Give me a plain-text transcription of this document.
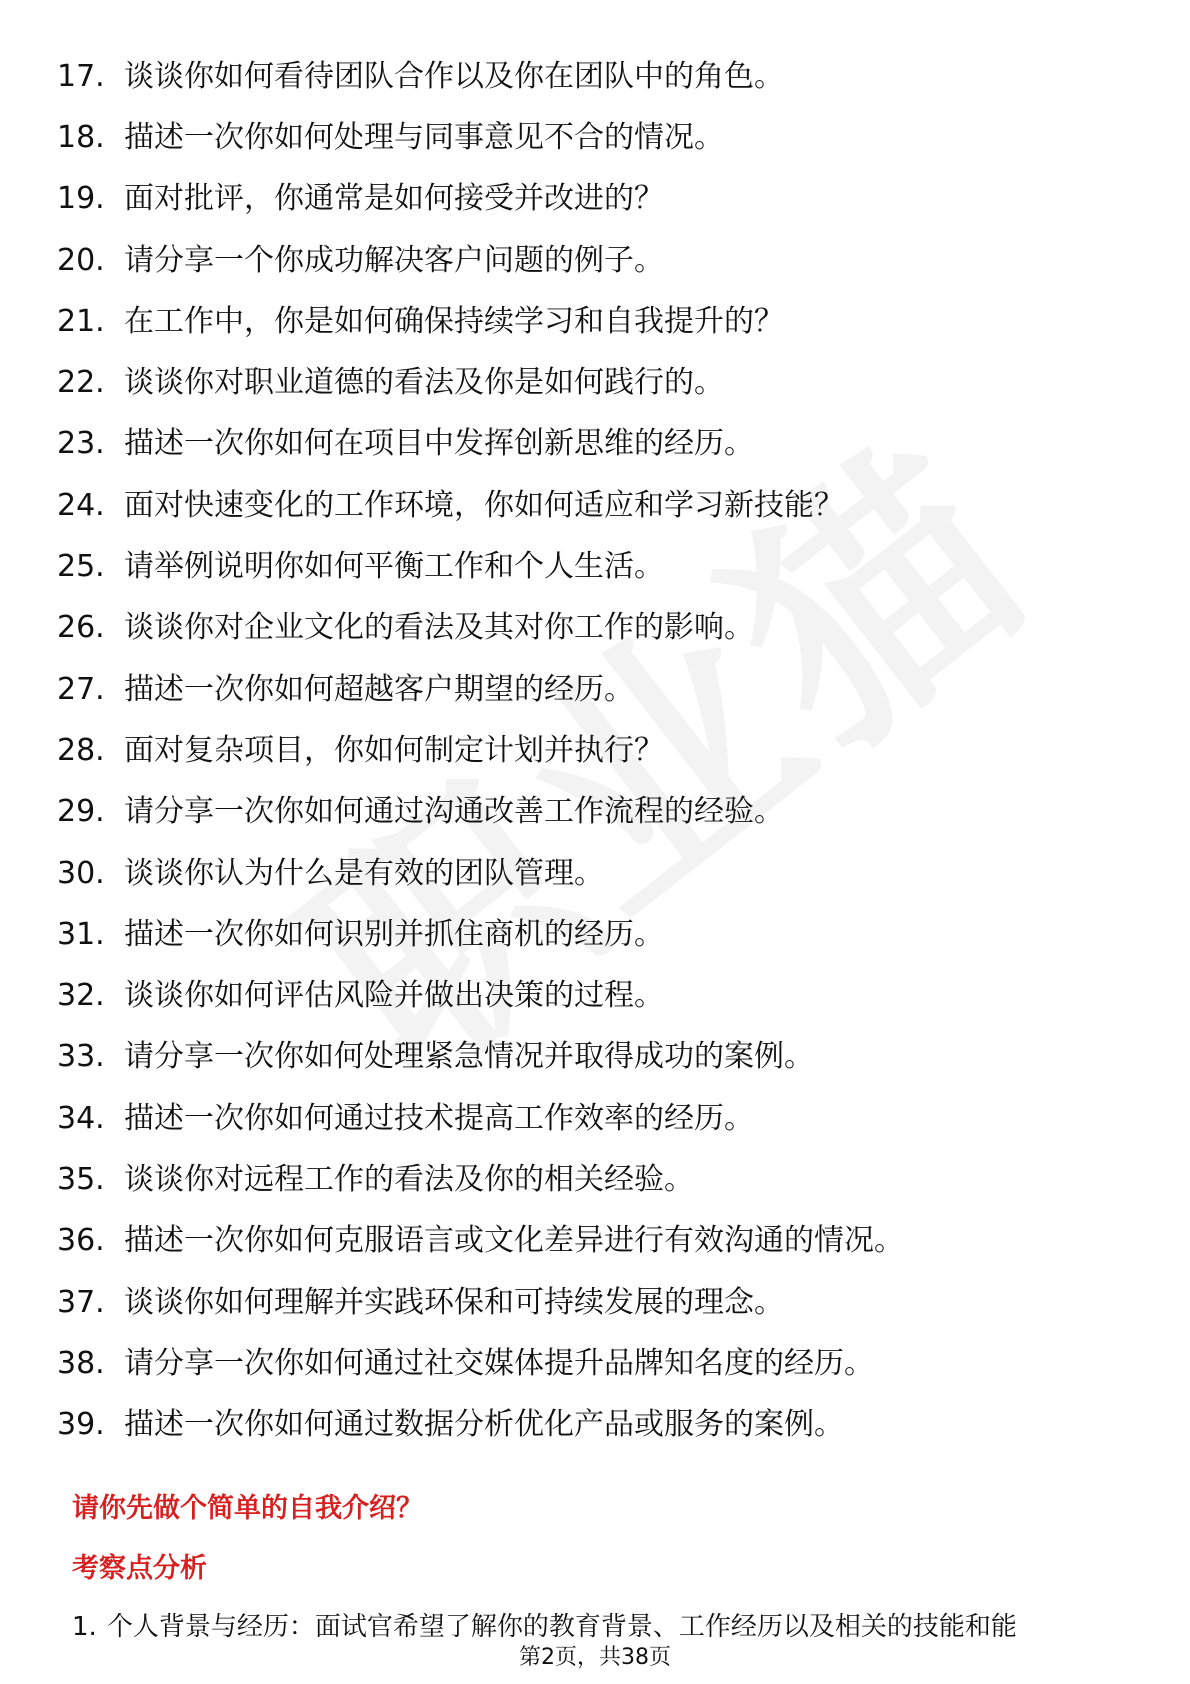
17. 谈谈你如何看待团队合作以及你在团队中的角色。
18. 描述一次你如何处理与同事意见不合的情况。
19. 面对批评，你通常是如何接受并改进的？
20. 请分享一个你成功解决客户问题的例子。
21. 在工作中，你是如何确保持续学习和自我提升的？
22. 谈谈你对职业道德的看法及你是如何践行的。
23. 描述一次你如何在项目中发挥创新思维的经历。
24. 面对快速变化的工作环境，你如何适应和学习新技能？
25. 请举例说明你如何平衡工作和个人生活。
26. 谈谈你对企业文化的看法及其对你工作的影响。
27. 描述一次你如何超越客户期望的经历。
28. 面对复杂项目，你如何制定计划并执行？
29. 请分享一次你如何通过沟通改善工作流程的经验。
30. 谈谈你认为什么是有效的团队管理。
31. 描述一次你如何识别并抓住商机的经历。
32. 谈谈你如何评估风险并做出决策的过程。
33. 请分享一次你如何处理紧急情况并取得成功的案例。
34. 描述一次你如何通过技术提高工作效率的经历。
35. 谈谈你对远程工作的看法及你的相关经验。
36. 描述一次你如何克服语言或文化差异进行有效沟通的情况。
37. 谈谈你如何理解并实践环保和可持续发展的理念。
38. 请分享一次你如何通过社交媒体提升品牌知名度的经历。
39. 描述一次你如何通过数据分析优化产品或服务的案例。
请你先做个简单的自我介绍？
考察点分析
1. 个人背景与经历：面试官希望了解你的教育背景、工作经历以及相关的技能和能
第2页，共38页
